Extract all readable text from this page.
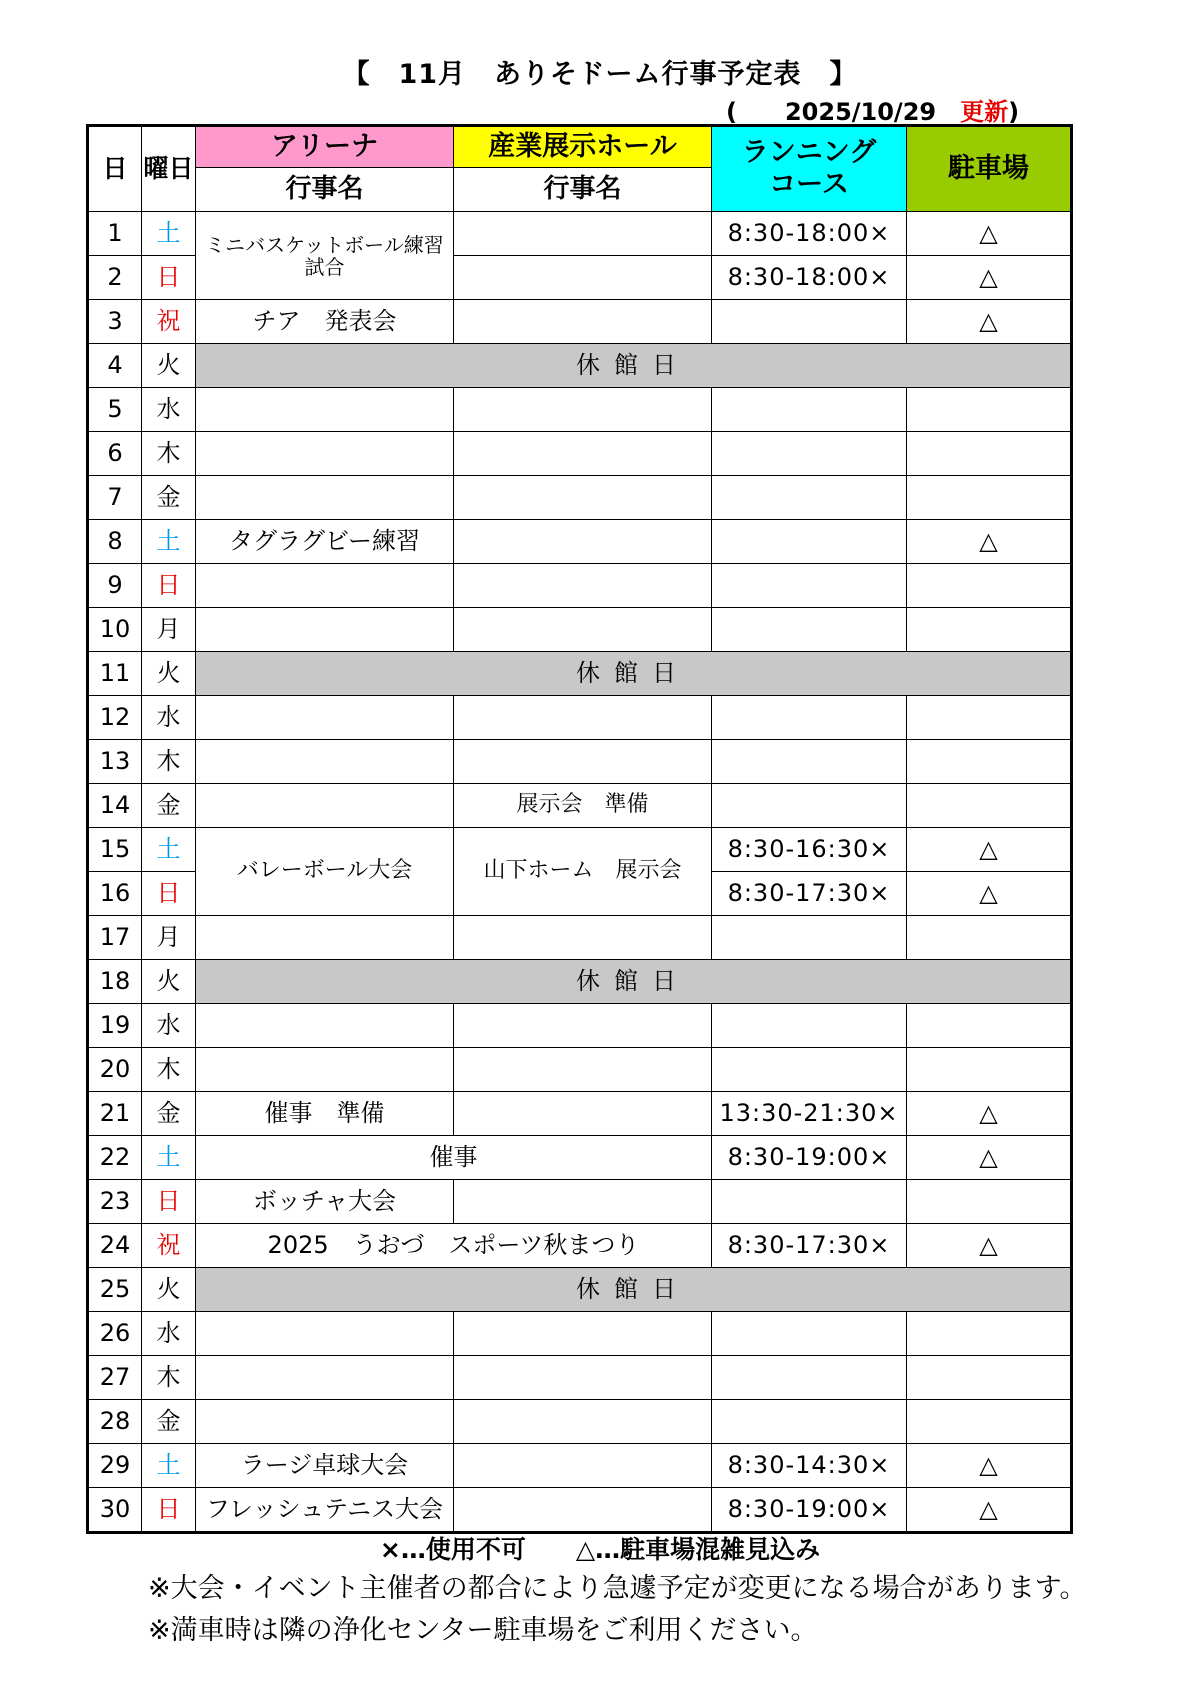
【　11月　ありそドーム行事予定表　】
(　　2025/10/29　更新)
日	曜日	アリーナ	産業展示ホール	ランニング
コース	駐車場
		行事名	行事名		
1	土	ミニバスケットボール練習試合		8:30-18:00×	△
2	日			8:30-18:00×	△
3	祝	チア　発表会			△
4	火	休館日			
5	水				
6	木				
7	金				
8	土	タグラグビー練習			△
9	日				
10	月				
11	火	休館日			
12	水				
13	木				
14	金		展示会　準備		
15	土	バレーボール大会	山下ホーム　展示会	8:30-16:30×	△
16	日			8:30-17:30×	△
17	月				
18	火	休館日			
19	水				
20	木				
21	金	催事　準備		13:30-21:30×	△
22	土	催事		8:30-19:00×	△
23	日	ボッチャ大会			
24	祝	2025　うおづ　スポーツ秋まつり		8:30-17:30×	△
25	火	休館日			
26	水				
27	木				
28	金				
29	土	ラージ卓球大会		8:30-14:30×	△
30	日	フレッシュテニス大会		8:30-19:00×	△
×…使用不可　　△…駐車場混雑見込み
※大会・イベント主催者の都合により急遽予定が変更になる場合があります。
※満車時は隣の浄化センター駐車場をご利用ください。
